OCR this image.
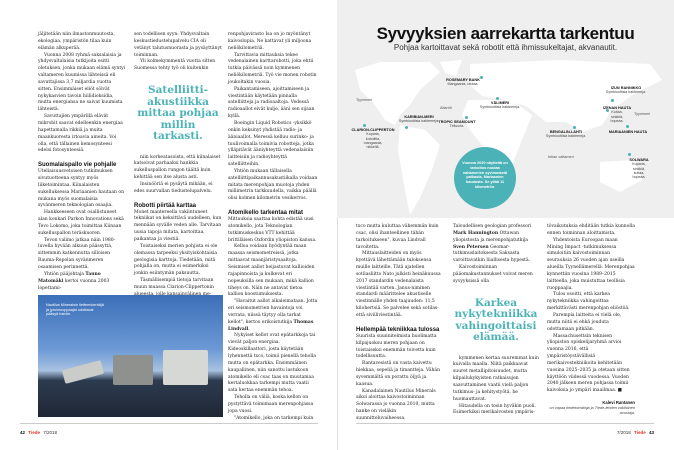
jäljitetään niin ilmastonmuutosta, ekologiaa, ympäristön tilaa kuin elämän alkuperää.

Vuonna 2008 ryhmä saksalaisia ja yhdysvaltalaisia tutkijoita esitti oletuksen, jonka mukaan elämä syntyi valtameren kuumissa lähteissä eli savuttajissa 3,7 miljardia vuotta sitten. Ensimmäiset eliöt söivät nykykasvien tavoin hiilidioksidia, mutta energiansa ne saivat kuumista lähteistä.

Savuttajien ympärillä elävät mikrobit saavat edelleenkin energiaa hapettamalla rikkiä ja muita maankuoresta irtoavia aineita. Voi olla, että tällainen kemosynteesi edelsi fotosynteesiä.

Suomalaispallo vie pohjalle

Uteliaisuusvetoisen tutkimuksen sivutuotteena syntyy myös liiketoimintaa. Kiinalaisten sukelluksessa Mariaanien hautaan on mukana myös suomalaisia syvänmeren teknologian osaajia.

Hankkeeseen ovat osallistuneet alan konkari Parkon Innovations sekä Tevo Lokomo, joka toimittaa Kiinaan sukelluspallon teräskuoren.

Tevon valimo jatkaa näin 1980-luvella hyvään alkuun päässyttä, sittemmin katkennutta silloisen Rauma-Repolan syvänmeren osaamisen perinnettä.

Yhtiön pääjohtaja Tauno Matomäki kertoi vuonna 2003 lopettami-

sen todellisen syyn: Yhdysvaltain keskustiedustelupalvelu CIA oli vetänyt talutusnuorasta ja pysäyttänyt toiminnan.

Yli kolmekymmentä vuotta sitten Suomessa tehty työ oli kuitenkin

Satelliitti-akustiikka mittaa pohjaa millin tarkasti.

niin korkeatasoista, että kiinalaiset katsoivat parhaaksi hankkia sukelluspallon rungon täältä kuin kehittää sen itse alusta asti.

Insinööriä ei pysäytä mikään, ei edes suurvallan tiedustelupalvelu.

Robotti piirtää karttaa

Monet mantereella vakiintuneet tekniikat on keksittävä uudelleen, kun mennään syvälle veden alle. Tarvitaan uusia tapoja mitata, kartoittaa, paikantaa ja viestiä.

Toistaiseksi merien pohjista ei ole olemassa tarpeeksi yksityiskohtaisia geologisia karttoja. Tiedetään, mitä pohjalla on, mutta ei esimerkiksi jonkin esiintymän paksuutta.

Täsmällisempiä tietoja tarvitaan muun muassa Clarion-Clippertonin

renpohjavirasto Isa on jo myöntänyt kaivoslupia. Ne kattavat yli miljoona neliökilometriä.

Tarvittavia mittauksia tekee vedenalainen karttarobotti, joka ehtii tutkia päivässä noin kymmenen neliökilometriä. Työ vie monen robotin joukoltakin vuosia.

Paikantamiseen, ajoittamiseen ja viestintään käytetään pinnalla satelliitteja ja radioaaltoja. Vedessä radioaallot eivät kulje, ääni sen sijaan kyllä.

Boeingin Liquid Robotics -yksikkö onkin keksinyt yhdistää radio- ja ääniaallot. Meressä kelluu surinko- ja tuulivoimalla toimivia robotteja, jotka ylläpitävät ääniyhteyttä vedenalaisiin laitteisiin ja radioyhteyttä satelliitteihin.

Yhtiön mukaan tällaisella satelliittipaikannusakustiikalla voidaan mitata merenpohjan muotoja yhden millimetrin tarkkuudella, vaikka päällä olisi kolmen kilometrin vesikerros.

Atomikello tarkentaa mitat

Mittauksia saattaa kohta edistää uusi atomikello, jota Teknologian tutkimuskeskus VTT kehittää brittiläisen Oxfordin yliopiston kanssa.

Kelloa voidaan hyödyntää maan maassa seismometreissä, jotka mittaavat maanjäristysaaltoja. Seismiset aallot heijastuvat kallioiden rajapinnoista ja kulkevat eri nopeuksilla sen mukaan, mikä kallion tiheys on. Näin ne antavat tietoa kallion koostumuksesta.

"Havaitut aallot aikaleimataan. Jotta eri seismometrien havaintoja voi verrata, niissä täytyy olla tarkat kellot", kertoo erikoistutkija Thomas Lindvall.

Nykyiset kellot ovat epätarkkoja tai vievät paljon energiaa. Kideoskillaattori, josta käytetään lyhennettä txco, toimii pienellä teholla mutta on epätarkka. Ensimmäinen kaupallinen, niin sanottu lastukoon atomikello eli csac taas on muutamaa kertaluokkaa tarkempi mutta vaatii sata kertaa enemmän tehoa.

Teholla on väliä, koska kellon on pystyttävä toimimaan merenpohjassa jopa vuosi.

"Atomikello, joka on tarkempi kuin

Nautilus Mineralsin lietteenkerääjä ja jyrsinruoppaajat odottavat pääsyä toimiin.
42 Tiede 7/2018
Syvyyksien aarrekartta tarkentuu
Pohjaa kartoittavat sekä robotit että ihmissukeltajat, akvanautit.
Tyynimeri
Atlantti
Tyynimeri
Intian valtameri
ROSEMARY BANK
Mangaania, rautaa.
VÄLIMERI
Symbioottisia bakteereja.
KARIBIAN-MERI
Symbioottisia bakteereja. TROPIC SEAMOUNT
Telluuria.
CLARION-CLIPPERTON
Kuparia, kobolttia, mangaania, nikkeliä.
BENGALIN-LAHTI
Symbioottisia bakteereja.
IZUN RANNIKKO
Symbioottisia bakteereja.
IZENAN HAUTA
Kultaa, sinkkiä, hopeaa.
MARIAANIEN HAUTA
SOLWARA
Kuparia, sinkkiä, kultaa, hopeaa.
Vuonna 2020 näytteitä on tarkoitus noutaa valtamerien syvimmästä paikasta, Mariaanien haudasta. Se yltää 11 kilometriin.

txco mutta kuluttaa vähemmän kuin csac, olisi ihanteellinen tähän tarkoitukseen", kuvaa Lindvall tavoitetta.

Mittauslaitteiden on myös kyettävä lähettämään tuloksensa muille laitteille. Tätä ajatellen sotilasliitto Nato julkisti heinäkuussa 2017 standardin vedenalaista viestintää varten. Janus-niminen standardi määrittelee akustiselle viestinnälle yhden taajuuden: 11,5 kilohertsiä. Se palvelee sekä sotilas- että siviiliviestintää.

Hellempää tekniikkaa tulossa

Suurista suunnitelmista huolimatta kilpajuoksu meren pohjaan on toistaiseksi enemmän toivetta kuin todellisuutta.

Rantavesistä on vasta kaivettu hiekkaa, sepeliä ja timantteja. Vähän syvemmältä on porattu öljyä ja kaasua.

Kanadalainen Nautilus Minerals aikoi aloittaa kaivostoiminnan Solwarassa jo vuonna 2010, mutta hanke on vieläkin suunnitteluvaiheessa.

Taloudellisen geologian professori Mark Hannington Ottawan yliopistosta ja merenpohjatutkija Sven Petersen Geomar-tutkimuslaitoksesta Saksasta varoittavatkin liiallisesta hypestä.

Kaivostoiminnan pääomakustannukset voivat meren syvyyksissä olla

Karkea nykytekniikka vahingoittaisi elämää.

kymmenen kertaa suuremmat kuin kuivalla maalla. Niitä paikkaavat suuret metallipitoisuudet, mutta kilpailukykyisten ratkaisujen saavuttaminen vaatii vielä paljon tutkimus- ja kehitystyötä, he huomauttavat.

Hitaudella on tosin hyväkin puoli. Esimerkiksi merikaivosten ympäris-

tövaikutuksia ehditään tutkia kunnolla ennen toiminnan aloittamista.

Yhdentoista Euroopan maan Mining Impact -tutkimuksessa simuloitiin kaivostoiminnan seurauksia 26 vuoden ajan useilla alueilla Tyynellämerellä. Merenpohjaa kynnettiin vuosina 1989–2015 laitteella, joka muistuttaa teollisia ruoppaajia.

Tulos osoitti, että karkea nykytekniikka vahingoittaa merkittävästi merenpohjan eliöstöä.

Parempia laitteita ei vielä ole, mutta niitä ei ehkä jouduta odottamaan pitkään.

Massachusettsin teknisen yliopiston opiskelijaryhmä arvioi vuonna 2016, että ympäristöystävällisiä merikaivostekniikoita kehitetään vuosina 2025–2035 ja otetaan sitten käyttöön viidessä vuodessa. Vuoden 2040 jälkeen meren pohjassa toimii kaivoksia jo ympäri maailmaa. ■

Kalevi Rantanen
on vapaa tiedetoimittaja ja Tiede-lehden vakituinen avustaja.
7/2018 Tiede 43
